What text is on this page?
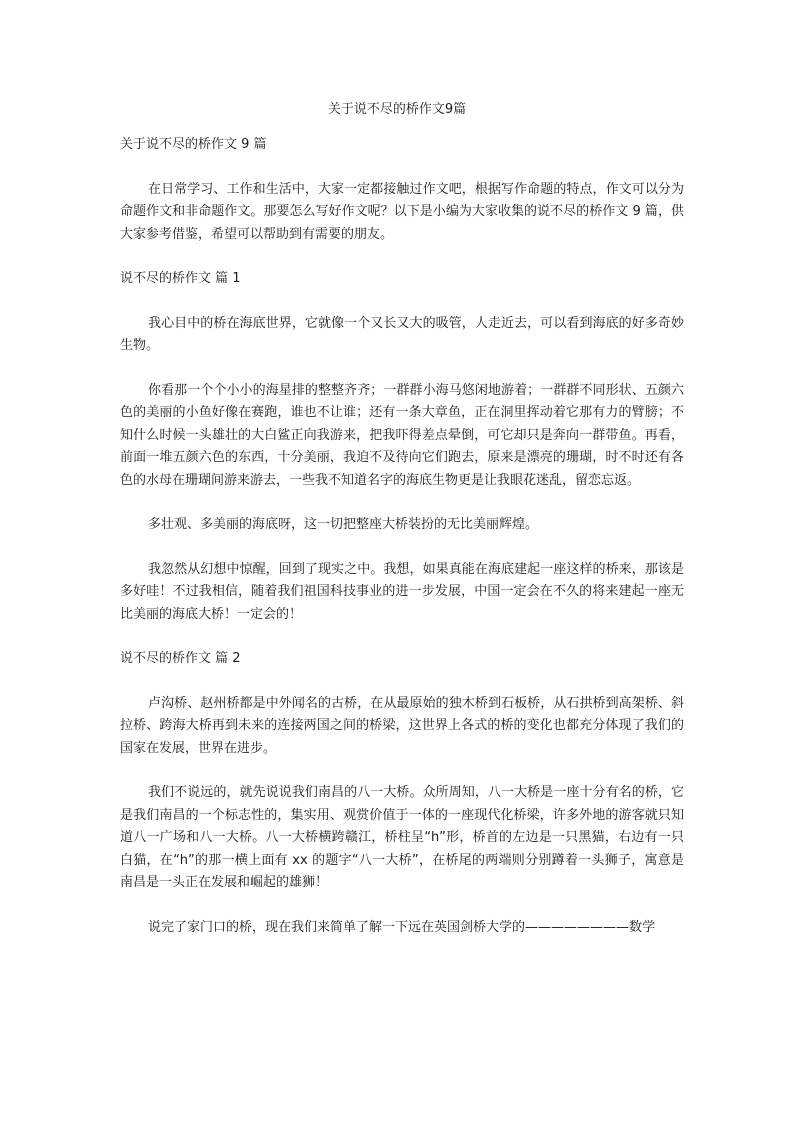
关于说不尽的桥作文9篇
关于说不尽的桥作文 9 篇

在日常学习、工作和生活中，大家一定都接触过作文吧，根据写作命题的特点，作文可以分为命题作文和非命题作文。那要怎么写好作文呢？以下是小编为大家收集的说不尽的桥作文 9 篇，供大家参考借鉴，希望可以帮助到有需要的朋友。

说不尽的桥作文 篇 1

我心目中的桥在海底世界，它就像一个又长又大的吸管，人走近去，可以看到海底的好多奇妙生物。

你看那一个个小小的海星排的整整齐齐；一群群小海马悠闲地游着；一群群不同形状、五颜六色的美丽的小鱼好像在赛跑，谁也不让谁；还有一条大章鱼，正在洞里挥动着它那有力的臂膀；不知什么时候一头雄壮的大白鲨正向我游来，把我吓得差点晕倒，可它却只是奔向一群带鱼。再看，前面一堆五颜六色的东西，十分美丽，我迫不及待向它们跑去，原来是漂亮的珊瑚，时不时还有各色的水母在珊瑚间游来游去，一些我不知道名字的海底生物更是让我眼花迷乱，留恋忘返。

多壮观、多美丽的海底呀，这一切把整座大桥装扮的无比美丽辉煌。

我忽然从幻想中惊醒，回到了现实之中。我想，如果真能在海底建起一座这样的桥来，那该是多好哇！不过我相信，随着我们祖国科技事业的进一步发展，中国一定会在不久的将来建起一座无比美丽的海底大桥！一定会的！

说不尽的桥作文 篇 2

卢沟桥、赵州桥都是中外闻名的古桥，在从最原始的独木桥到石板桥，从石拱桥到高架桥、斜拉桥、跨海大桥再到未来的连接两国之间的桥梁，这世界上各式的桥的变化也都充分体现了我们的国家在发展，世界在进步。

我们不说远的，就先说说我们南昌的八一大桥。众所周知，八一大桥是一座十分有名的桥，它是我们南昌的一个标志性的，集实用、观赏价值于一体的一座现代化桥梁，许多外地的游客就只知道八一广场和八一大桥。八一大桥横跨赣江，桥柱呈“h”形，桥首的左边是一只黑猫，右边有一只白猫，在“h”的那一横上面有 xx 的题字“八一大桥”，在桥尾的两端则分别蹲着一头狮子，寓意是南昌是一头正在发展和崛起的雄狮！

说完了家门口的桥，现在我们来简单了解一下远在英国剑桥大学的————————数学
